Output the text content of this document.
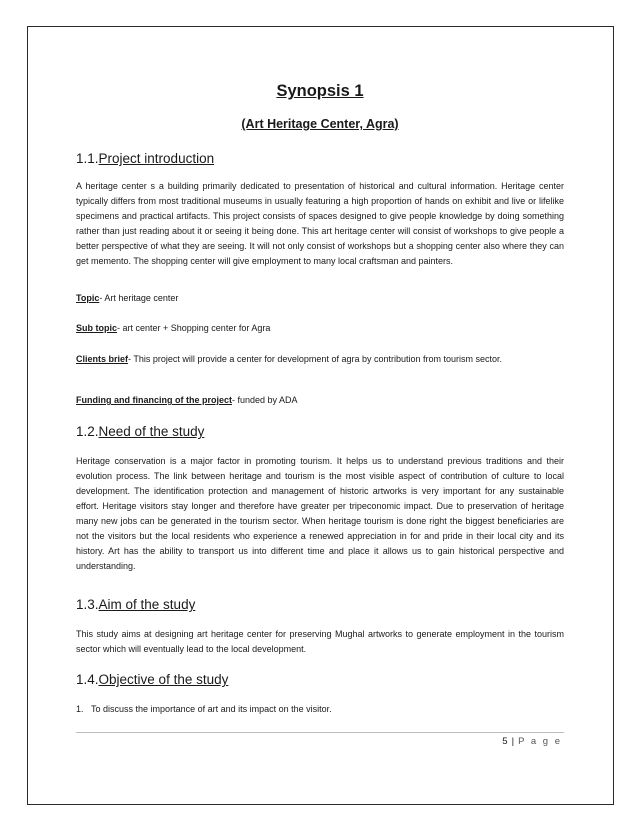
Synopsis 1
(Art Heritage Center, Agra)
1.1.Project introduction

A heritage center s a building primarily dedicated to presentation of historical and cultural information. Heritage center typically differs from most traditional museums in usually featuring a high proportion of hands on exhibit and live or lifelike specimens and practical artifacts. This project consists of spaces designed to give people knowledge by doing something rather than just reading about it or seeing it being done. This art heritage center will consist of workshops to give people a better perspective of what they are seeing. It will not only consist of workshops but a shopping center also where they can get memento. The shopping center will give employment to many local craftsman and painters.

Topic- Art heritage center

Sub topic- art center + Shopping center for Agra

Clients brief- This project will provide a center for development of agra by contribution from tourism sector.

Funding and financing of the project- funded by ADA

1.2.Need of the study

Heritage conservation is a major factor in promoting tourism. It helps us to understand previous traditions and their evolution process. The link between heritage and tourism is the most visible aspect of contribution of culture to local development. The identification protection and management of historic artworks is very important for any sustainable effort. Heritage visitors stay longer and therefore have greater per tripeconomic impact. Due to preservation of heritage many new jobs can be generated in the tourism sector. When heritage tourism is done right the biggest beneficiaries are not the visitors but the local residents who experience a renewed appreciation in for and pride in their local city and its history. Art has the ability to transport us into different time and place it allows us to gain historical perspective and understanding.

1.3.Aim of the study

This study aims at designing art heritage center for preserving Mughal artworks to generate employment in the tourism sector which will eventually lead to the local development.

1.4.Objective of the study

1. To discuss the importance of art and its impact on the visitor.

5 | P a g e
